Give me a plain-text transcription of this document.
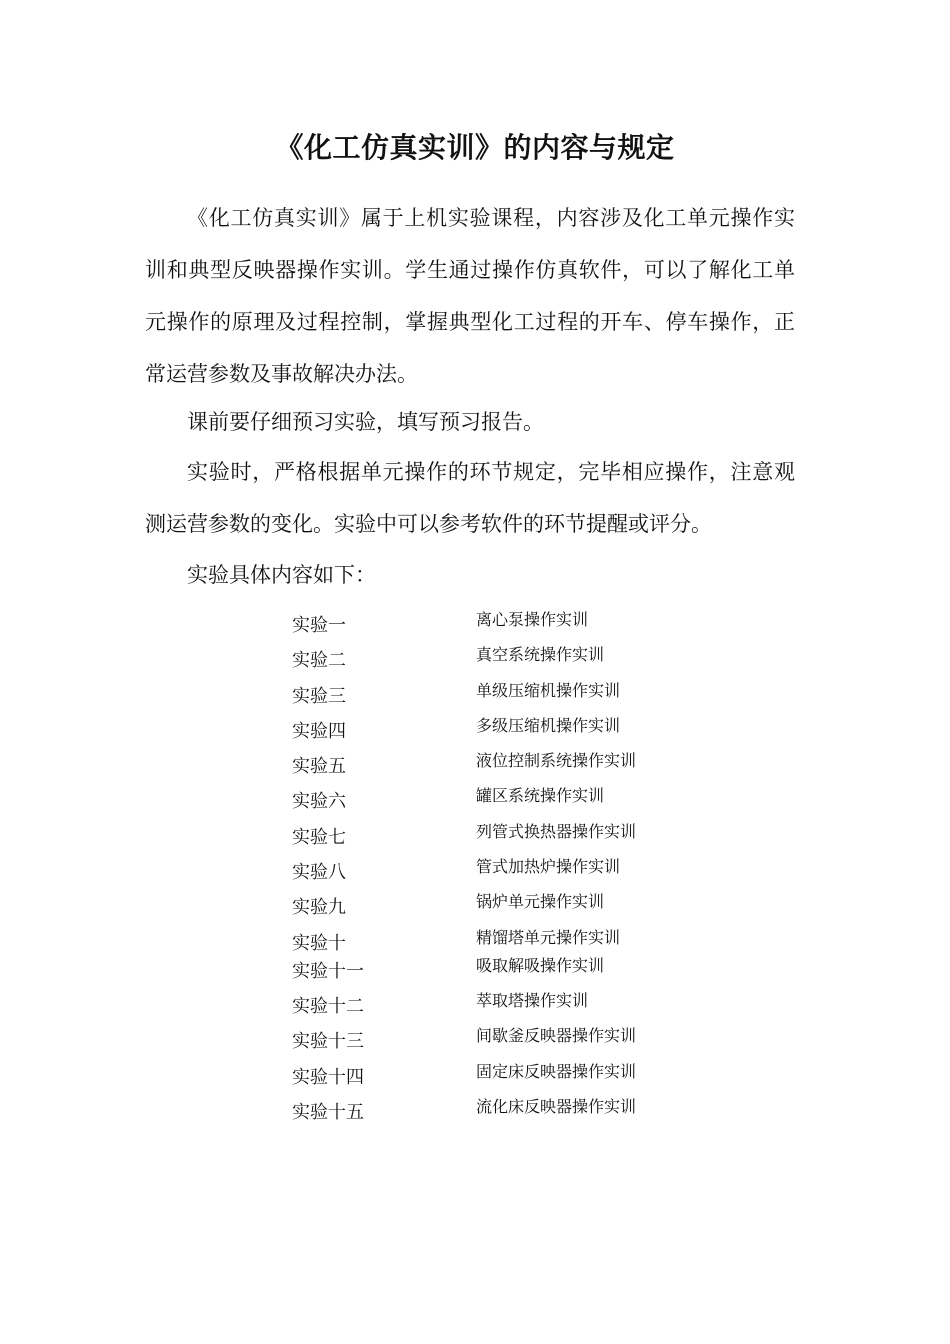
《化工仿真实训》的内容与规定

《化工仿真实训》属于上机实验课程，内容涉及化工单元操作实训和典型反映器操作实训。学生通过操作仿真软件，可以了解化工单元操作的原理及过程控制，掌握典型化工过程的开车、停车操作，正常运营参数及事故解决办法。

课前要仔细预习实验，填写预习报告。

实验时，严格根据单元操作的环节规定，完毕相应操作，注意观测运营参数的变化。实验中可以参考软件的环节提醒或评分。

实验具体内容如下：

实验一	离心泵操作实训
实验二	真空系统操作实训
实验三	单级压缩机操作实训
实验四	多级压缩机操作实训
实验五	液位控制系统操作实训
实验六	罐区系统操作实训
实验七	列管式换热器操作实训
实验八	管式加热炉操作实训
实验九	锅炉单元操作实训
实验十	精馏塔单元操作实训
实验十一	吸取解吸操作实训
实验十二	萃取塔操作实训
实验十三	间歇釜反映器操作实训
实验十四	固定床反映器操作实训
实验十五	流化床反映器操作实训
